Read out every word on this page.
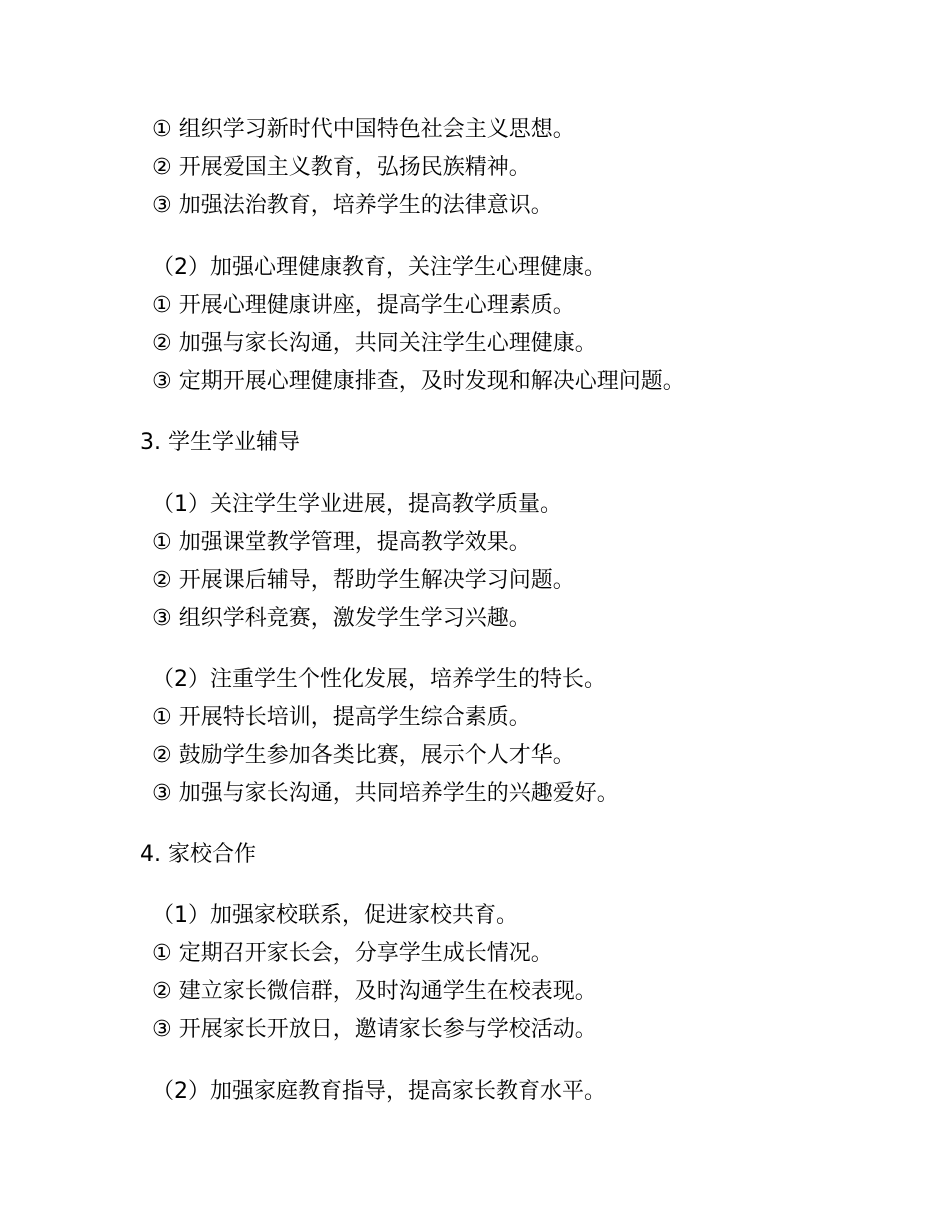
① 组织学习新时代中国特色社会主义思想。
② 开展爱国主义教育，弘扬民族精神。
③ 加强法治教育，培养学生的法律意识。
（2）加强心理健康教育，关注学生心理健康。
① 开展心理健康讲座，提高学生心理素质。
② 加强与家长沟通，共同关注学生心理健康。
③ 定期开展心理健康排查，及时发现和解决心理问题。
3. 学生学业辅导
（1）关注学生学业进展，提高教学质量。
① 加强课堂教学管理，提高教学效果。
② 开展课后辅导，帮助学生解决学习问题。
③ 组织学科竞赛，激发学生学习兴趣。
（2）注重学生个性化发展，培养学生的特长。
① 开展特长培训，提高学生综合素质。
② 鼓励学生参加各类比赛，展示个人才华。
③ 加强与家长沟通，共同培养学生的兴趣爱好。
4. 家校合作
（1）加强家校联系，促进家校共育。
① 定期召开家长会，分享学生成长情况。
② 建立家长微信群，及时沟通学生在校表现。
③ 开展家长开放日，邀请家长参与学校活动。
（2）加强家庭教育指导，提高家长教育水平。
